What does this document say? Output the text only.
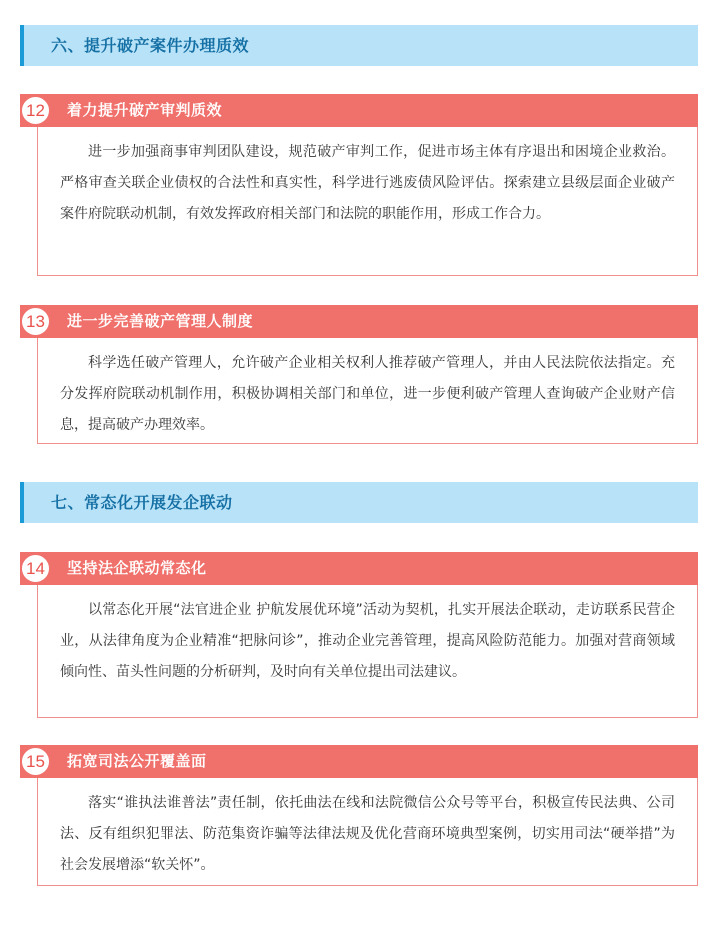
六、提升破产案件办理质效
12	着力提升破产审判质效

进一步加强商事审判团队建设，规范破产审判工作，促进市场主体有序退出和困境企业救治。严格审查关联企业债权的合法性和真实性，科学进行逃废债风险评估。探索建立县级层面企业破产案件府院联动机制，有效发挥政府相关部门和法院的职能作用，形成工作合力。

13	进一步完善破产管理人制度

科学选任破产管理人，允许破产企业相关权利人推荐破产管理人，并由人民法院依法指定。充分发挥府院联动机制作用，积极协调相关部门和单位，进一步便利破产管理人查询破产企业财产信息，提高破产办理效率。

七、常态化开展发企联动
14	坚持法企联动常态化

以常态化开展“法官进企业 护航发展优环境”活动为契机，扎实开展法企联动，走访联系民营企业，从法律角度为企业精准“把脉问诊”，推动企业完善管理，提高风险防范能力。加强对营商领域倾向性、苗头性问题的分析研判，及时向有关单位提出司法建议。

15	拓宽司法公开覆盖面

落实“谁执法谁普法”责任制，依托曲法在线和法院微信公众号等平台，积极宣传民法典、公司法、反有组织犯罪法、防范集资诈骗等法律法规及优化营商环境典型案例，切实用司法“硬举措”为社会发展增添“软关怀”。
